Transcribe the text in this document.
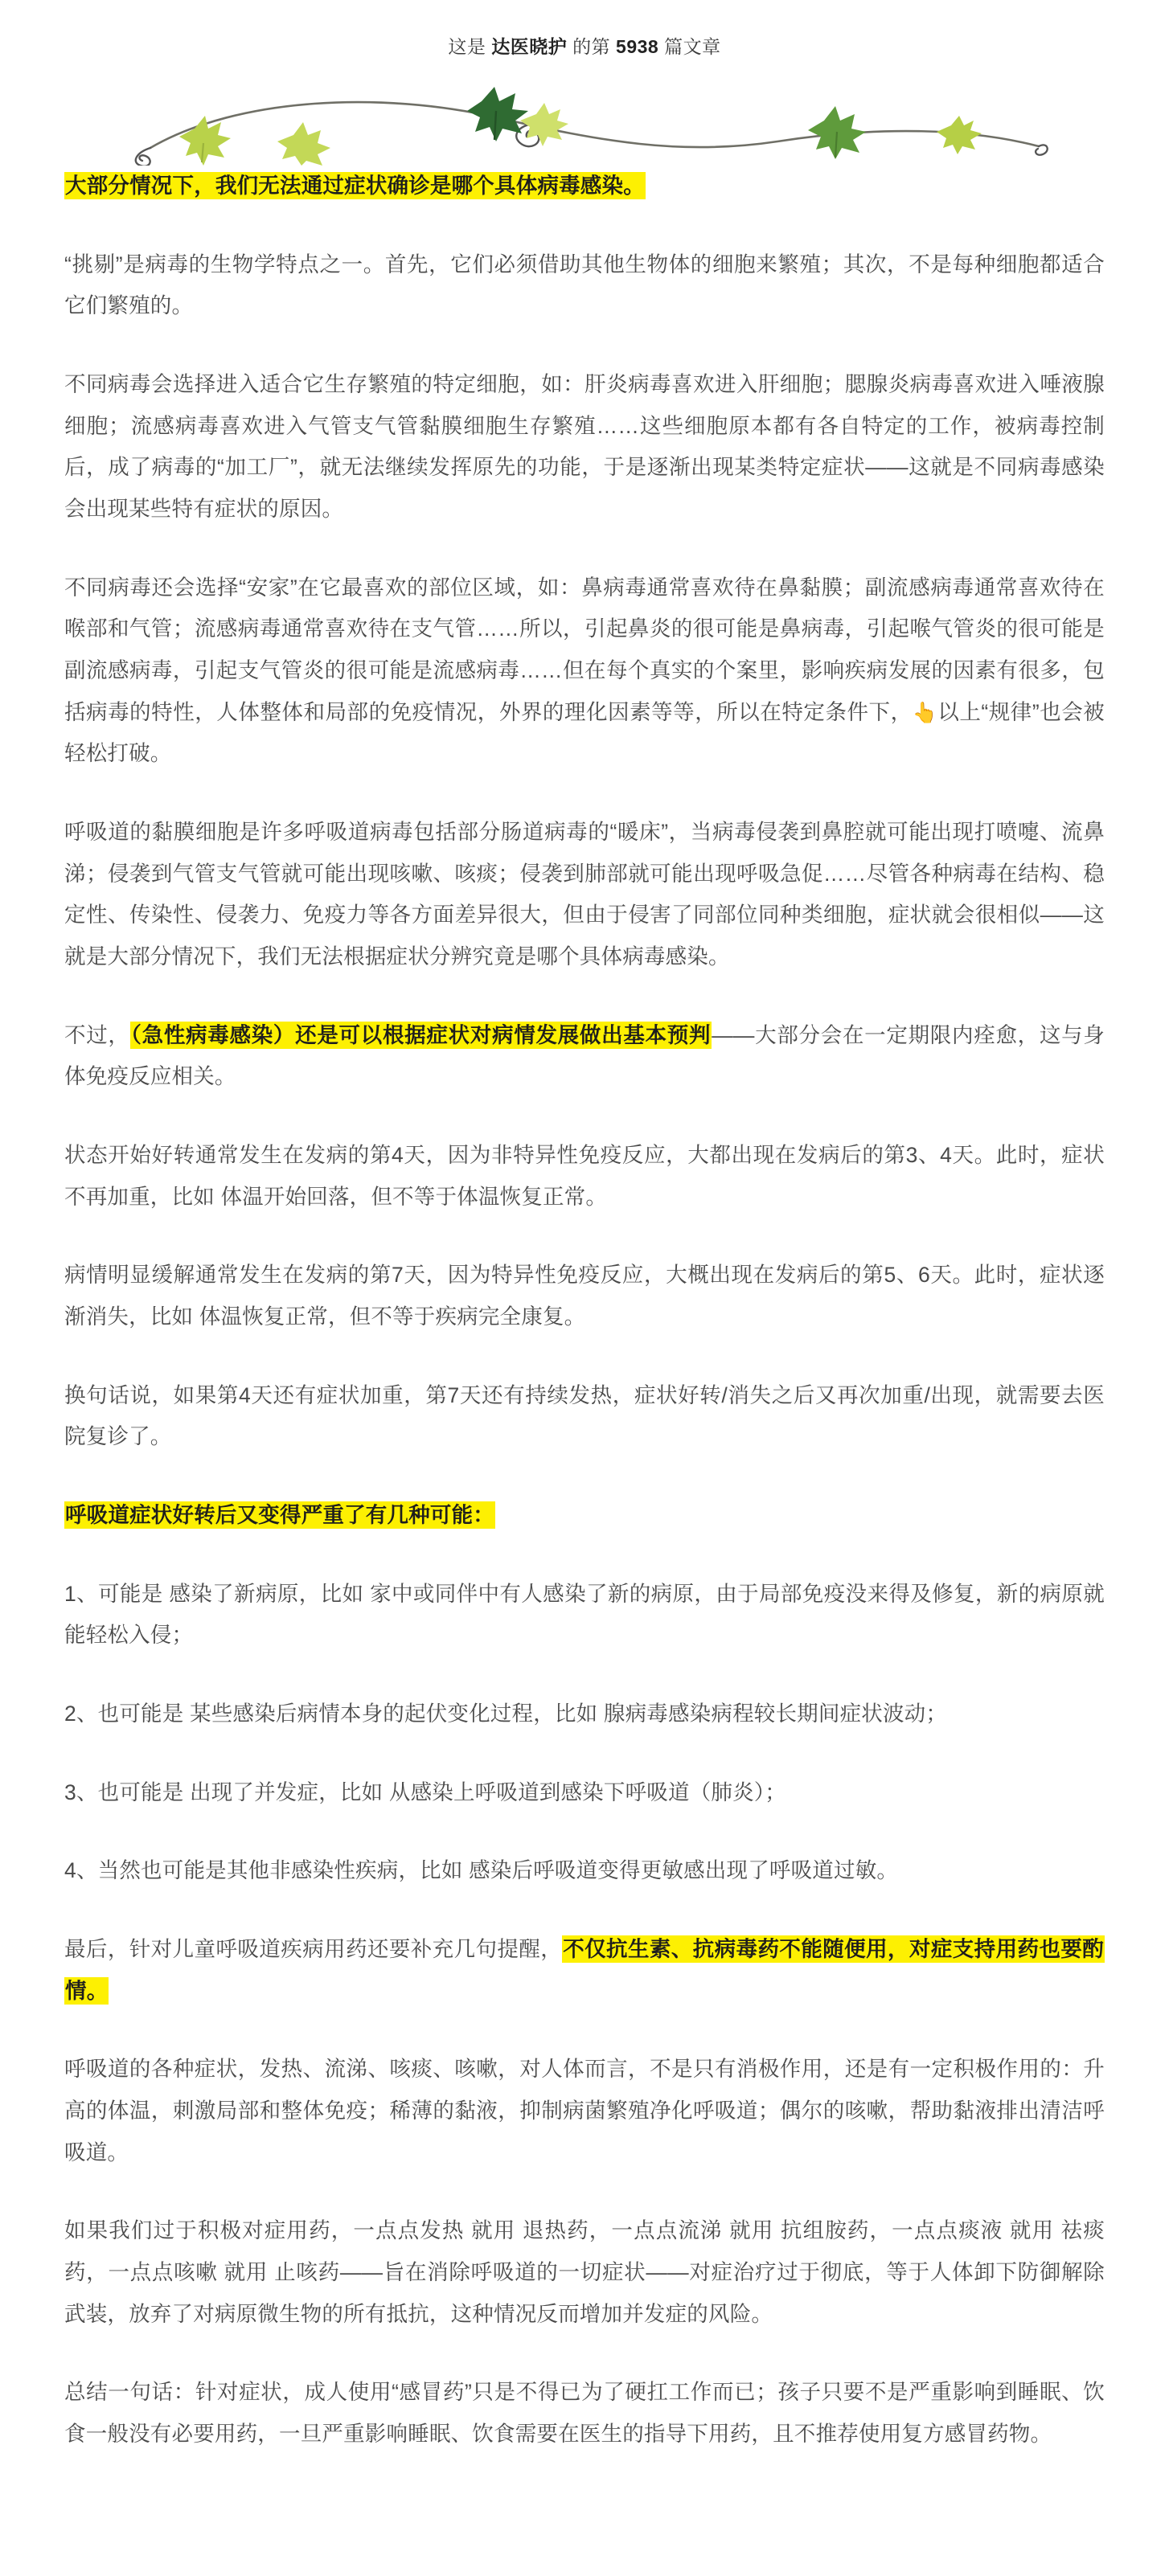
这是 达医晓护 的第 5938 篇文章

大部分情况下，我们无法通过症状确诊是哪个具体病毒感染。

“挑剔”是病毒的生物学特点之一。首先，它们必须借助其他生物体的细胞来繁殖；其次，不是每种细胞都适合它们繁殖的。

不同病毒会选择进入适合它生存繁殖的特定细胞，如：肝炎病毒喜欢进入肝细胞；腮腺炎病毒喜欢进入唾液腺细胞；流感病毒喜欢进入气管支气管黏膜细胞生存繁殖……这些细胞原本都有各自特定的工作，被病毒控制后，成了病毒的“加工厂”，就无法继续发挥原先的功能，于是逐渐出现某类特定症状——这就是不同病毒感染会出现某些特有症状的原因。

不同病毒还会选择“安家”在它最喜欢的部位区域，如：鼻病毒通常喜欢待在鼻黏膜；副流感病毒通常喜欢待在喉部和气管；流感病毒通常喜欢待在支气管……所以，引起鼻炎的很可能是鼻病毒，引起喉气管炎的很可能是副流感病毒，引起支气管炎的很可能是流感病毒……但在每个真实的个案里，影响疾病发展的因素有很多，包括病毒的特性，人体整体和局部的免疫情况，外界的理化因素等等，所以在特定条件下，👆以上“规律”也会被轻松打破。

呼吸道的黏膜细胞是许多呼吸道病毒包括部分肠道病毒的“暖床”，当病毒侵袭到鼻腔就可能出现打喷嚏、流鼻涕；侵袭到气管支气管就可能出现咳嗽、咳痰；侵袭到肺部就可能出现呼吸急促……尽管各种病毒在结构、稳定性、传染性、侵袭力、免疫力等各方面差异很大，但由于侵害了同部位同种类细胞，症状就会很相似——这就是大部分情况下，我们无法根据症状分辨究竟是哪个具体病毒感染。

不过，（急性病毒感染）还是可以根据症状对病情发展做出基本预判——大部分会在一定期限内痊愈，这与身体免疫反应相关。

状态开始好转通常发生在发病的第4天，因为非特异性免疫反应，大都出现在发病后的第3、4天。此时，症状不再加重，比如 体温开始回落，但不等于体温恢复正常。

病情明显缓解通常发生在发病的第7天，因为特异性免疫反应，大概出现在发病后的第5、6天。此时，症状逐渐消失，比如 体温恢复正常，但不等于疾病完全康复。

换句话说，如果第4天还有症状加重，第7天还有持续发热，症状好转/消失之后又再次加重/出现，就需要去医院复诊了。

呼吸道症状好转后又变得严重了有几种可能：

1、可能是 感染了新病原，比如 家中或同伴中有人感染了新的病原，由于局部免疫没来得及修复，新的病原就能轻松入侵；

2、也可能是 某些感染后病情本身的起伏变化过程，比如 腺病毒感染病程较长期间症状波动；

3、也可能是 出现了并发症，比如 从感染上呼吸道到感染下呼吸道（肺炎）；

4、当然也可能是其他非感染性疾病，比如 感染后呼吸道变得更敏感出现了呼吸道过敏。

最后，针对儿童呼吸道疾病用药还要补充几句提醒，不仅抗生素、抗病毒药不能随便用，对症支持用药也要酌情。

呼吸道的各种症状，发热、流涕、咳痰、咳嗽，对人体而言，不是只有消极作用，还是有一定积极作用的：升高的体温，刺激局部和整体免疫；稀薄的黏液，抑制病菌繁殖净化呼吸道；偶尔的咳嗽，帮助黏液排出清洁呼吸道。

如果我们过于积极对症用药，一点点发热 就用 退热药，一点点流涕 就用 抗组胺药，一点点痰液 就用 祛痰药，一点点咳嗽 就用 止咳药——旨在消除呼吸道的一切症状——对症治疗过于彻底，等于人体卸下防御解除武装，放弃了对病原微生物的所有抵抗，这种情况反而增加并发症的风险。

总结一句话：针对症状，成人使用“感冒药”只是不得已为了硬扛工作而已；孩子只要不是严重影响到睡眠、饮食一般没有必要用药，一旦严重影响睡眠、饮食需要在医生的指导下用药，且不推荐使用复方感冒药物。
